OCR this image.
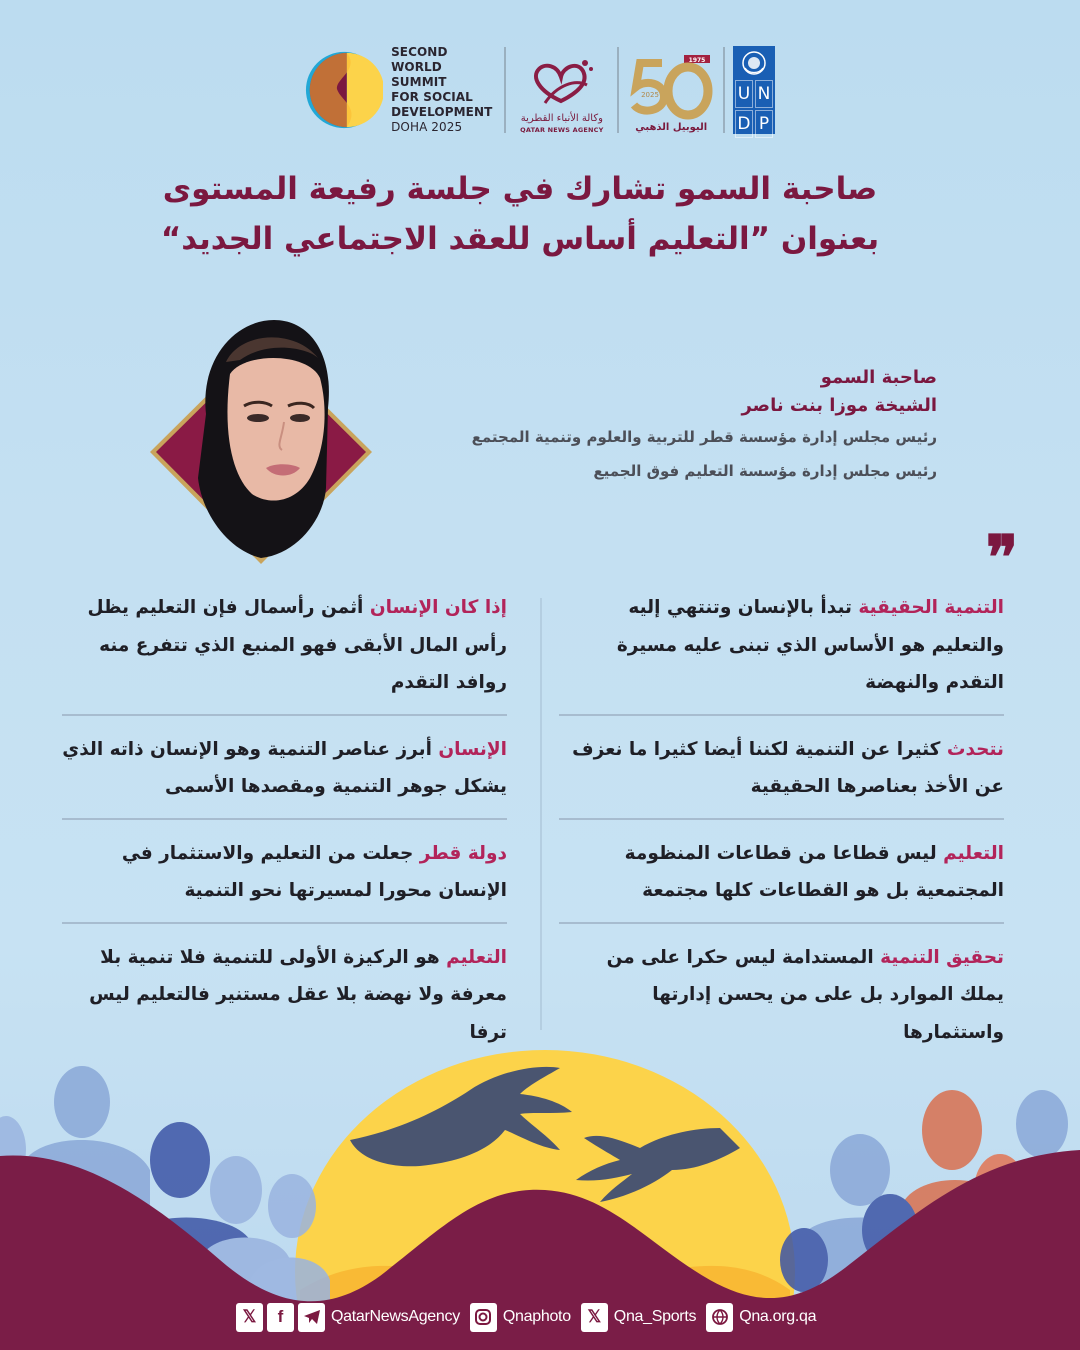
SECOND
WORLD SUMMIT
FOR SOCIAL
DEVELOPMENT
DOHA 2025
وكالة الأنباء القطرية
QATAR NEWS AGENCY
1975
2025
اليوبيل الذهبي
U N
D P
صاحبة السمو تشارك في جلسة رفيعة المستوى
بعنوان ”التعليم أساس للعقد الاجتماعي الجديد“
صاحبة السمو
الشيخة موزا بنت ناصر
رئيس مجلس إدارة مؤسسة قطر للتربية والعلوم وتنمية المجتمع
رئيس مجلس إدارة مؤسسة التعليم فوق الجميع
❞
التنمية الحقيقية تبدأ بالإنسان وتنتهي إليه والتعليم هو الأساس الذي تبنى عليه مسيرة التقدم والنهضة
نتحدث كثيرا عن التنمية لكننا أيضا كثيرا ما نعزف عن الأخذ بعناصرها الحقيقية
التعليم ليس قطاعا من قطاعات المنظومة المجتمعية بل هو القطاعات كلها مجتمعة
تحقيق التنمية المستدامة ليس حكرا على من يملك الموارد بل على من يحسن إدارتها واستثمارها
إذا كان الإنسان أثمن رأسمال فإن التعليم يظل رأس المال الأبقى فهو المنبع الذي تتفرع منه روافد التقدم
الإنسان أبرز عناصر التنمية وهو الإنسان ذاته الذي يشكل جوهر التنمية ومقصدها الأسمى
دولة قطر جعلت من التعليم والاستثمار في الإنسان محورا لمسيرتها نحو التنمية
التعليم هو الركيزة الأولى للتنمية فلا تنمية بلا معرفة ولا نهضة بلا عقل مستنير فالتعليم ليس ترفا
𝕏	f	QatarNewsAgency	Qnaphoto 𝕏 Qna_Sports	Qna.org.qa
